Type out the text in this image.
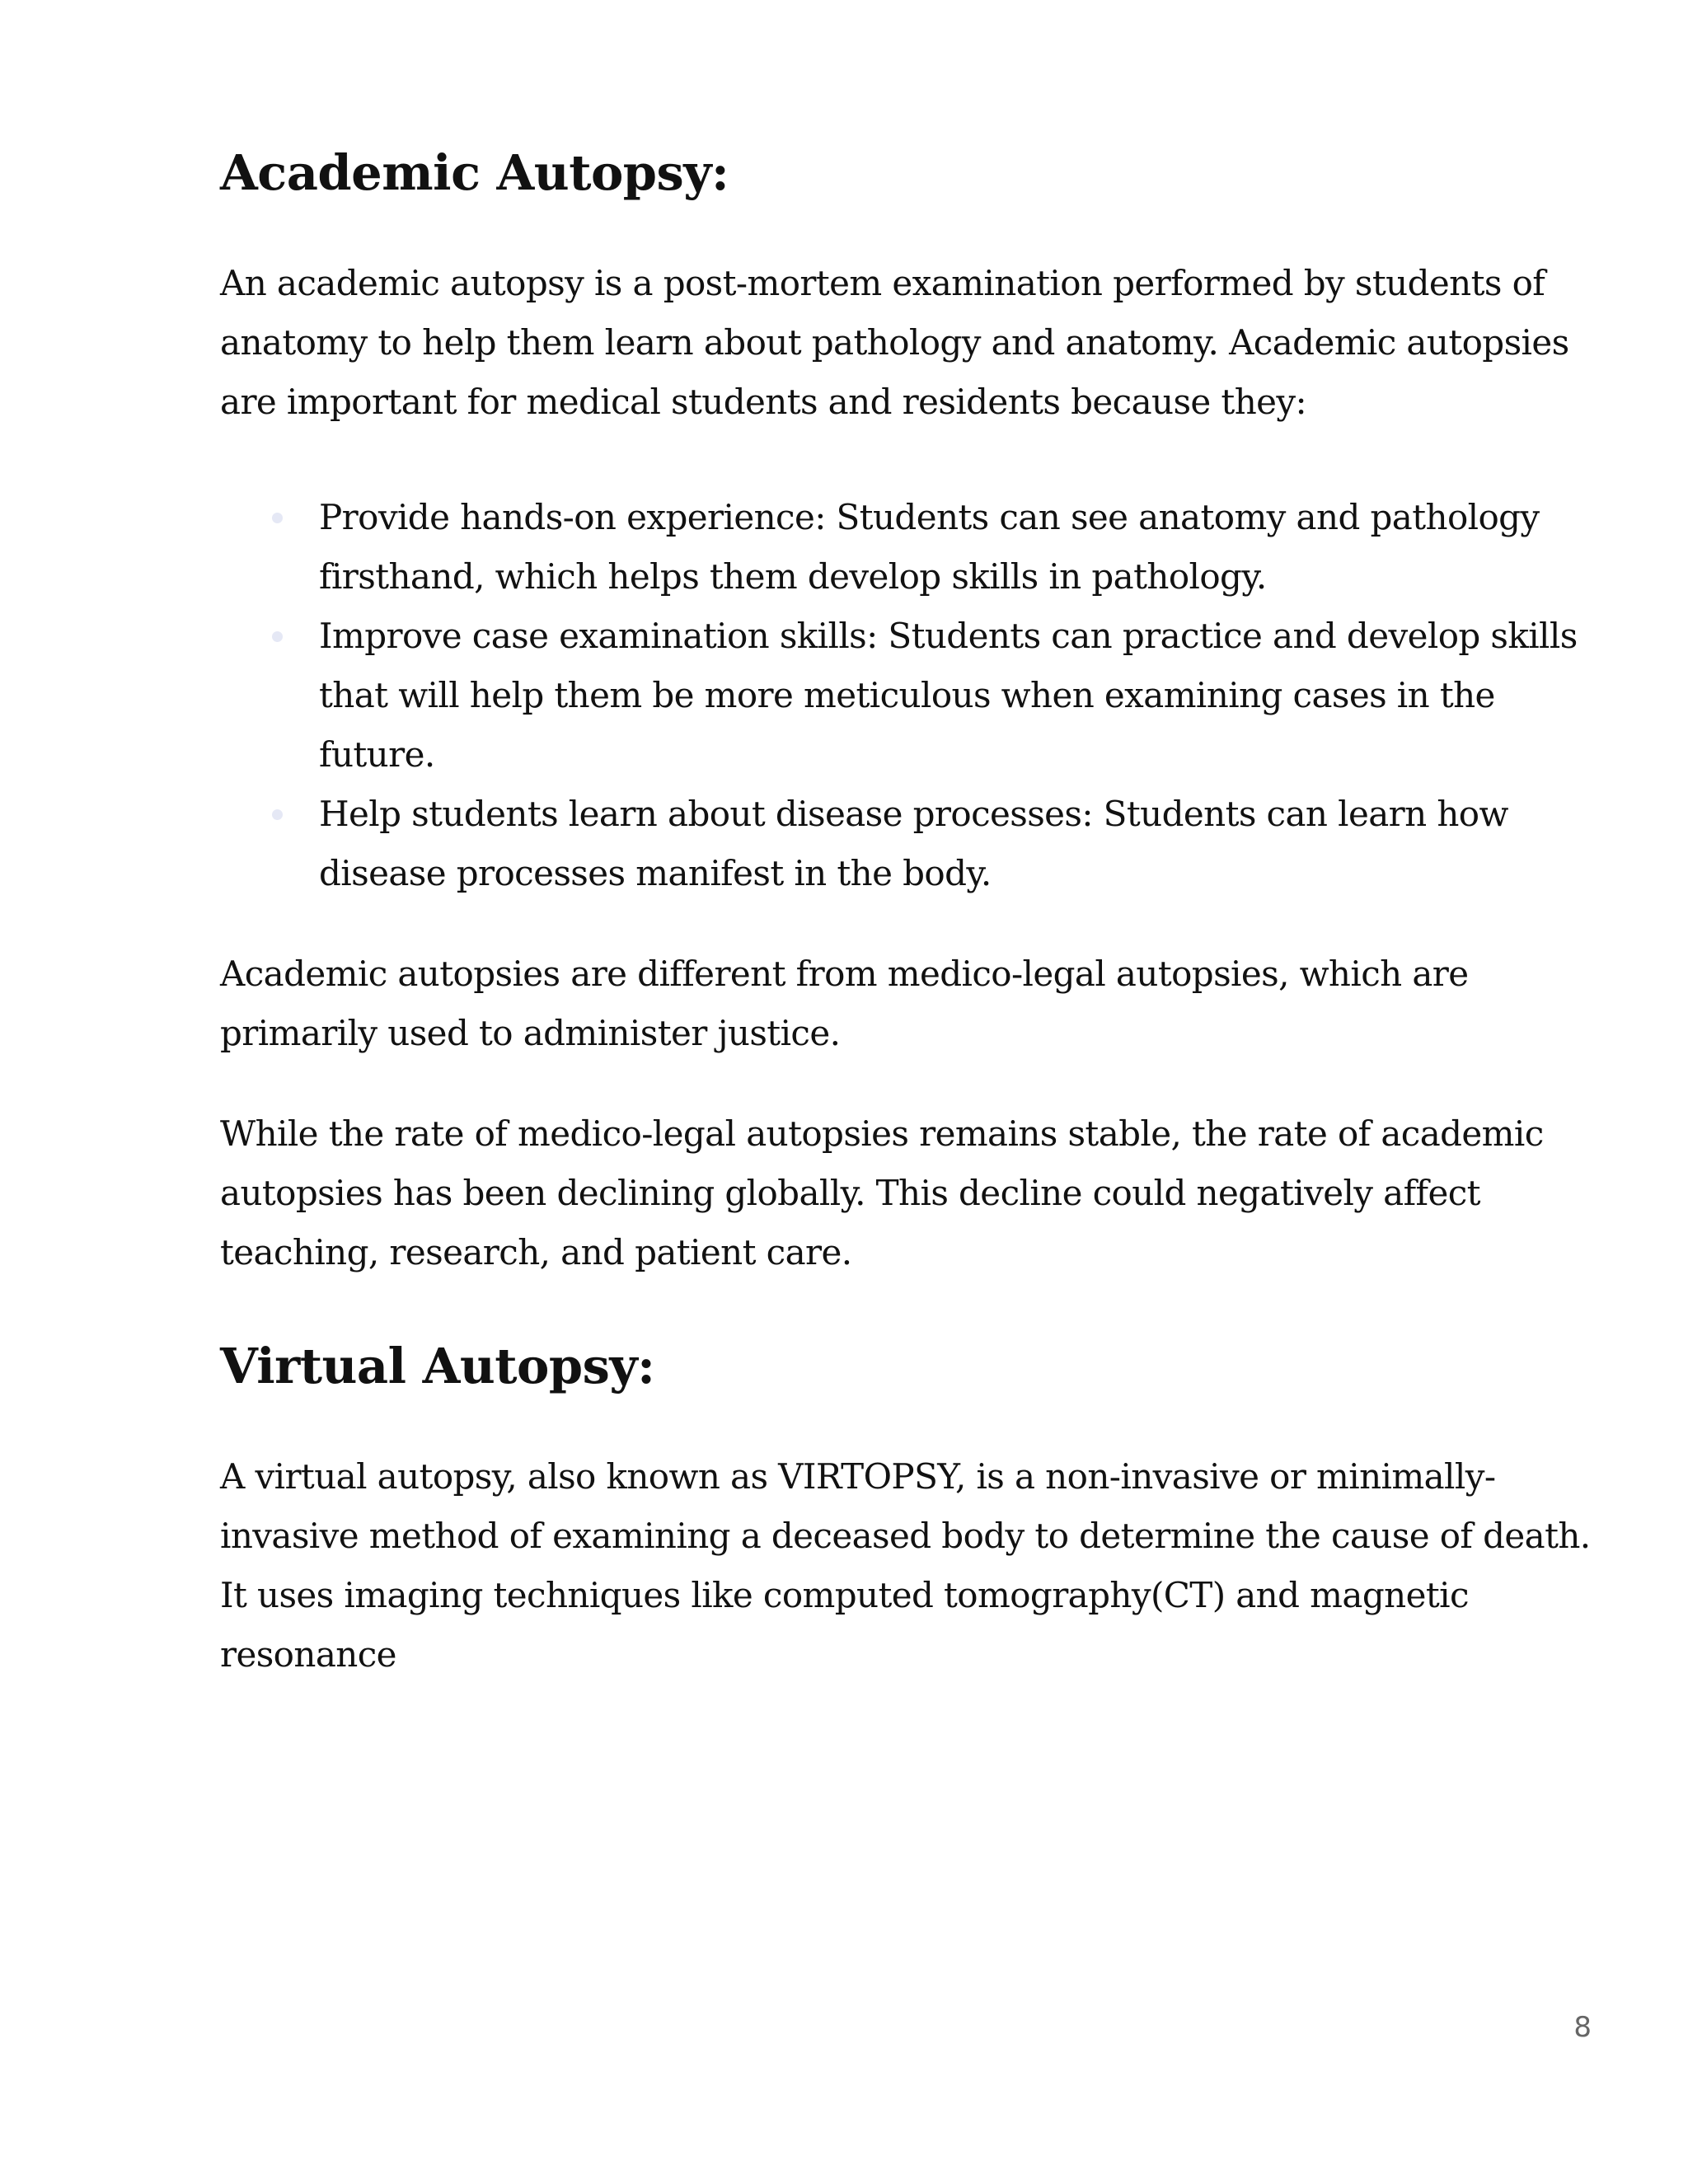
Academic Autopsy:

An academic autopsy is a post-mortem examination performed by students of anatomy to help them learn about pathology and anatomy. Academic autopsies are important for medical students and residents because they:

Provide hands-on experience: Students can see anatomy and pathology firsthand, which helps them develop skills in pathology.
Improve case examination skills: Students can practice and develop skills that will help them be more meticulous when examining cases in the future.
Help students learn about disease processes: Students can learn how disease processes manifest in the body.

Academic autopsies are different from medico-legal autopsies, which are primarily used to administer justice.

While the rate of medico-legal autopsies remains stable, the rate of academic autopsies has been declining globally. This decline could negatively affect teaching, research, and patient care.

Virtual Autopsy:

A virtual autopsy, also known as VIRTOPSY, is a non-invasive or minimally-invasive method of examining a deceased body to determine the cause of death. It uses imaging techniques like computed tomography(CT) and magnetic resonance

8
